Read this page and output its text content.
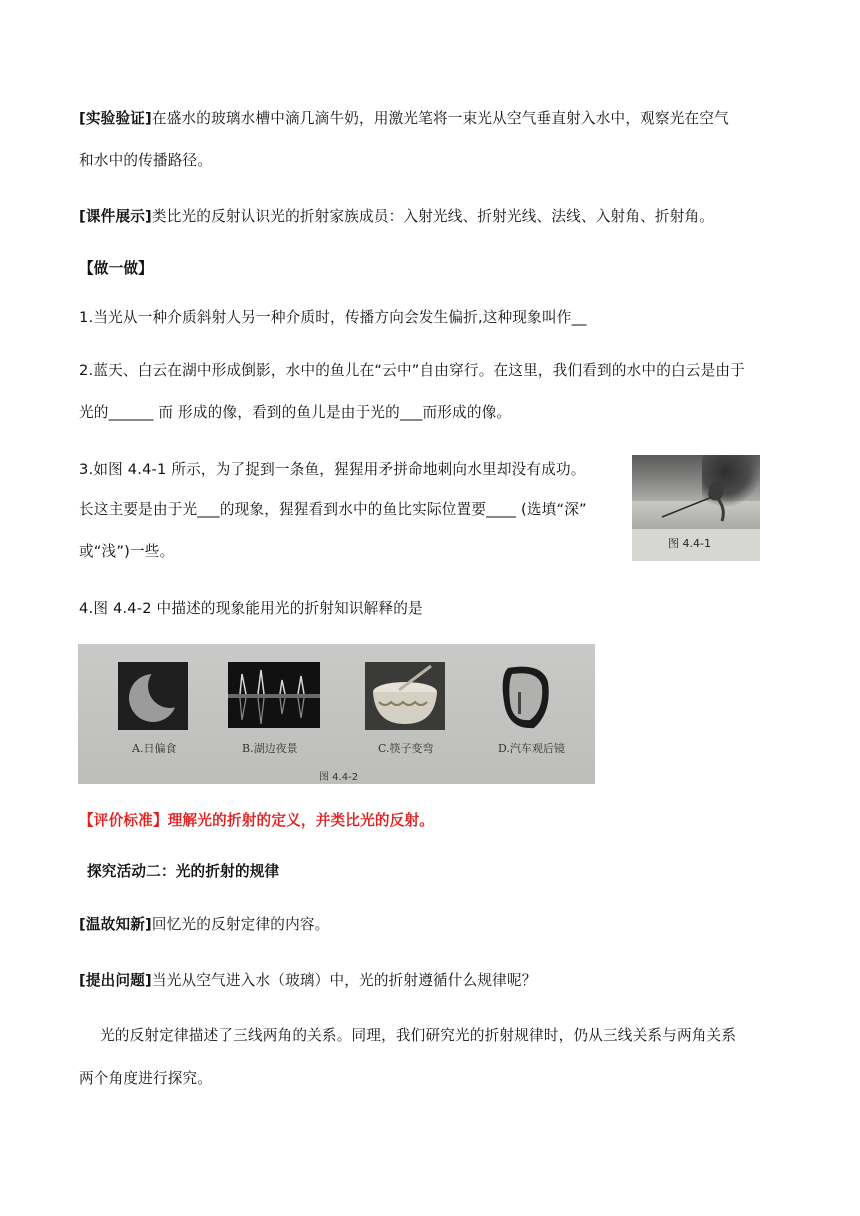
[实验验证]在盛水的玻璃水槽中滴几滴牛奶，用激光笔将一束光从空气垂直射入水中，观察光在空气
和水中的传播路径。
[课件展示]类比光的反射认识光的折射家族成员：入射光线、折射光线、法线、入射角、折射角。
【做一做】
1.当光从一种介质斜射人另一种介质时，传播方向会发生偏折,这种现象叫作__
2.蓝天、白云在湖中形成倒影，水中的鱼儿在“云中”自由穿行。在这里，我们看到的水中的白云是由于
光的______ 而 形成的像，看到的鱼儿是由于光的___而形成的像。
3.如图 4.4-1 所示，为了捉到一条鱼，猩猩用矛拼命地刺向水里却没有成功。
长这主要是由于光___的现象，猩猩看到水中的鱼比实际位置要____ (选填“深”
或“浅”)一些。	图 4.4-1
4.图 4.4-2 中描述的现象能用光的折射知识解释的是
A.日偏食	B.湖边夜景	C.筷子变弯	D.汽车观后镜
图 4.4-2
【评价标准】理解光的折射的定义，并类比光的反射。
探究活动二：光的折射的规律
[温故知新]回忆光的反射定律的内容。
[提出问题]当光从空气进入水（玻璃）中，光的折射遵循什么规律呢？
光的反射定律描述了三线两角的关系。同理，我们研究光的折射规律时，仍从三线关系与两角关系
两个角度进行探究。
